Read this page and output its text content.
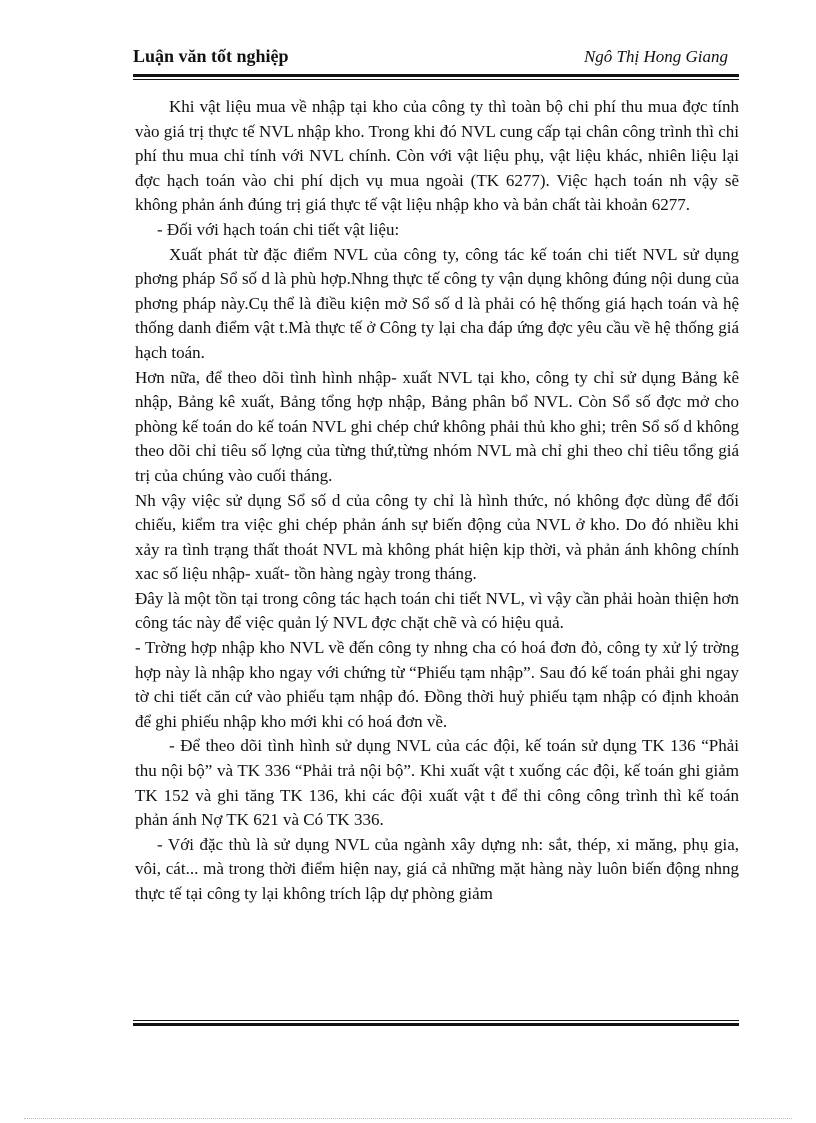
Luận văn tốt nghiệp	Ngô Thị Hong Giang

Khi vật liệu mua về nhập tại kho của công ty thì toàn bộ chi phí thu mua đợc tính vào giá trị thực tế NVL nhập kho. Trong khi đó NVL cung cấp tại chân công trình thì chi phí thu mua chỉ tính với NVL chính. Còn với vật liệu phụ, vật liệu khác, nhiên liệu lại đợc hạch toán vào chi phí dịch vụ mua ngoài (TK 6277). Việc hạch toán nh vậy sẽ không phản ánh đúng trị giá thực tế vật liệu nhập kho và bản chất tài khoản 6277.

- Đối với hạch toán chi tiết vật liệu:

Xuất phát từ đặc điểm NVL của công ty, công tác kế toán chi tiết NVL sử dụng phơng pháp Sổ số d là phù hợp.Nhng thực tế công ty vận dụng không đúng nội dung của phơng pháp này.Cụ thể là điều kiện mở Sổ số d là phải có hệ thống giá hạch toán và hệ thống danh điểm vật t.Mà thực tế ở Công ty lại cha đáp ứng đợc yêu cầu về hệ thống giá hạch toán.

Hơn nữa, để theo dõi tình hình nhập- xuất NVL tại kho, công ty chỉ sử dụng Bảng kê nhập, Bảng kê xuất, Bảng tổng hợp nhập, Bảng phân bổ NVL. Còn Sổ số đợc mở cho phòng kế toán do kế toán NVL ghi chép chứ không phải thủ kho ghi; trên Sổ số d không theo dõi chỉ tiêu số lợng của từng thứ,từng nhóm NVL mà chỉ ghi theo chỉ tiêu tổng giá trị của chúng vào cuối tháng.

Nh vậy việc sử dụng Sổ số d của công ty chỉ là hình thức, nó không đợc dùng để đối chiếu, kiểm tra việc ghi chép phản ánh sự biến động của NVL ở kho. Do đó nhiều khi xảy ra tình trạng thất thoát NVL mà không phát hiện kịp thời, và phản ánh không chính xac số liệu nhập- xuất- tồn hàng ngày trong tháng.

Đây là một tồn tại trong công tác hạch toán chi tiết NVL, vì vậy cần phải hoàn thiện hơn công tác này để việc quản lý NVL đợc chặt chẽ và có hiệu quả.

- Trờng hợp nhập kho NVL về đến công ty nhng cha có hoá đơn đỏ, công ty xử lý trờng hợp này là nhập kho ngay với chứng từ “Phiếu tạm nhập”. Sau đó kế toán phải ghi ngay tờ chi tiết căn cứ vào phiếu tạm nhập đó. Đồng thời huỷ phiếu tạm nhập có định khoản để ghi phiếu nhập kho mới khi có hoá đơn về.

- Để theo dõi tình hình sử dụng NVL của các đội, kế toán sử dụng TK 136 “Phải thu nội bộ” và TK 336 “Phải trả nội bộ”. Khi xuất vật t xuống các đội, kế toán ghi giảm TK 152 và ghi tăng TK 136, khi các đội xuất vật t để thi công công trình thì kế toán phản ánh Nợ TK 621 và Có TK 336.

- Với đặc thù là sử dụng NVL của ngành xây dựng nh: sắt, thép, xi măng, phụ gia, vôi, cát... mà trong thời điểm hiện nay, giá cả những mặt hàng này luôn biến động nhng thực tế tại công ty lại không trích lập dự phòng giảm
